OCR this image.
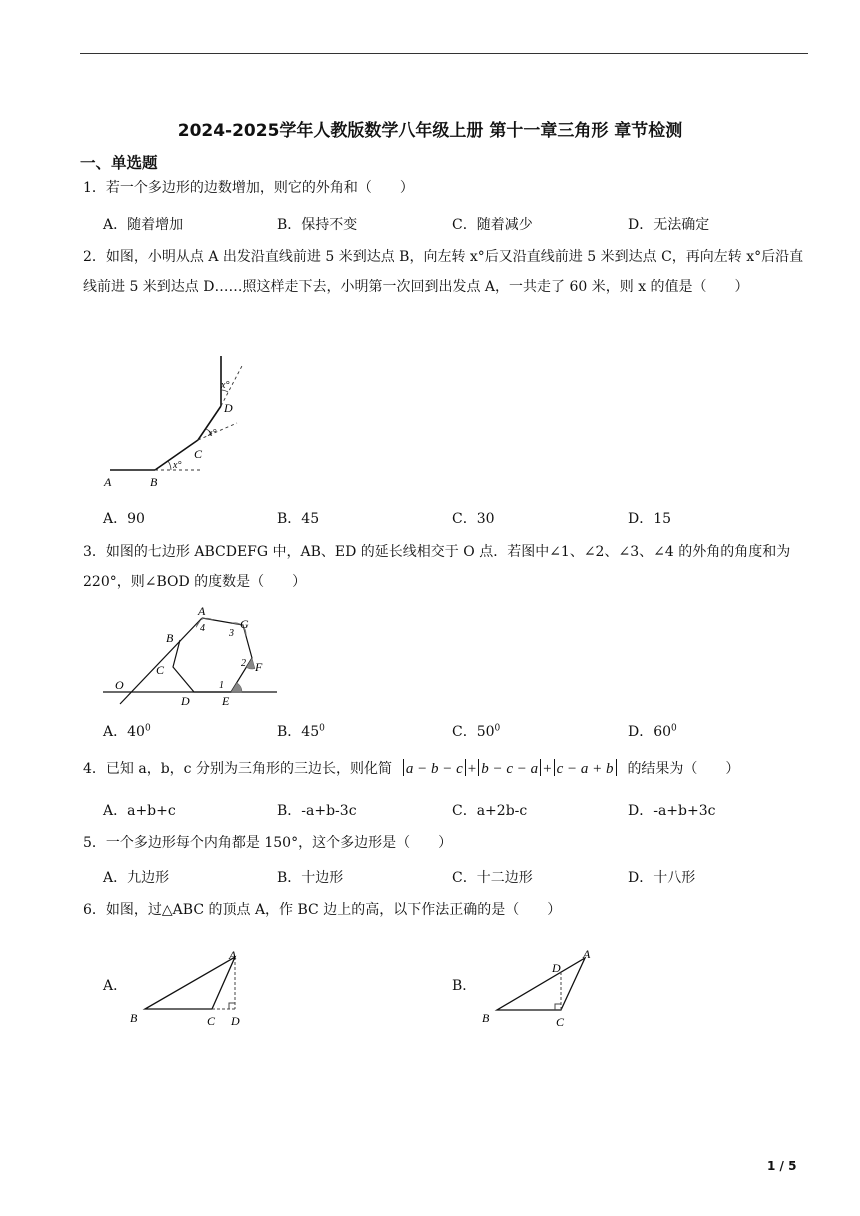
2024-2025学年人教版数学八年级上册 第十一章三角形 章节检测
一、单选题
1．若一个多边形的边数增加，则它的外角和（　　）
A．随着增加	B．保持不变	C．随着减少	D．无法确定
2．如图，小明从点 A 出发沿直线前进 5 米到达点 B，向左转 x°后又沿直线前进 5 米到达点 C，再向左转 x°后沿直线前进 5 米到达点 D……照这样走下去，小明第一次回到出发点 A，一共走了 60 米，则 x 的值是（　　）
A	B
C
D
x°
x°
x°
A．90	B．45	C．30	D．15
3．如图的七边形 ABCDEFG 中，AB、ED 的延长线相交于 O 点．若图中∠1、∠2、∠3、∠4 的外角的角度和为 220°，则∠BOD 的度数是（　　）
O
A
B
C
D	E
F
G
1
2
3
4
A．$40^0$	B．$45^0$	C．$50^0$	D．$60^0$
4．已知 a，b，c 分别为三角形的三边长，则化简 a − b − c + b − c − a + c − a + b 的结果为（　　）
A．a+b+c	B．-a+b-3c	C．a+2b-c	D．-a+b+3c
5．一个多边形每个内角都是 150°，这个多边形是（　　）
A．九边形	B．十边形	C．十二边形	D．十八形
6．如图，过△ABC 的顶点 A，作 BC 边上的高，以下作法正确的是（　　）
A．
A
B	C D
B．
A
D
B	C
1 / 5
